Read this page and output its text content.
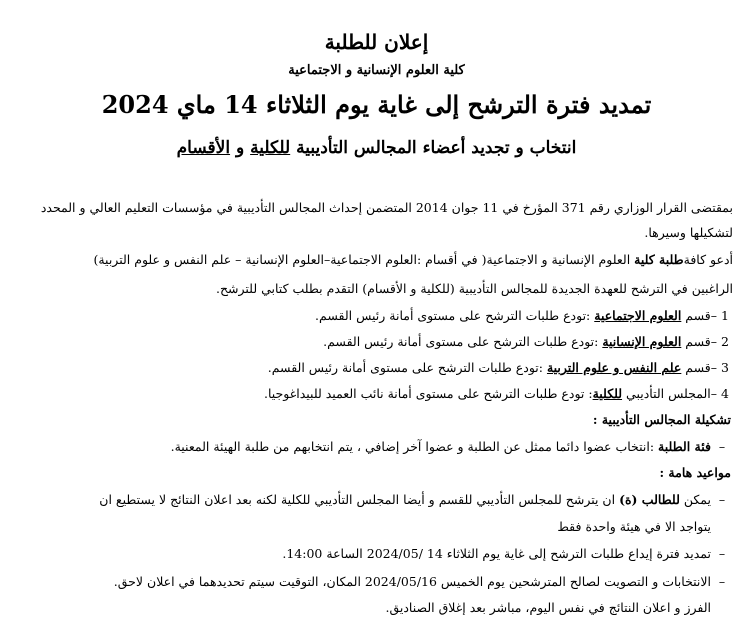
إعلان للطلبة
كلية العلوم الإنسانية و الاجتماعية
تمديد فترة الترشح إلى غاية يوم الثلاثاء 14 ماي 2024
انتخاب و تجديد أعضاء المجالس التأديبية للكلية و الأقسام
بمقتضى القرار الوزاري رقم 371 المؤرخ في 11 جوان 2014 المتضمن إحداث المجالس التأديبية في مؤسسات التعليم العالي و المحدد
لتشكيلها وسيرها.
أدعو كافةطلبة كلية العلوم الإنسانية و الاجتماعية( في أقسام :العلوم الاجتماعية–العلوم الإنسانية – علم النفس و علوم التربية)
الراغبين في الترشح للعهدة الجديدة للمجالس التأديبية (للكلية و الأقسام) التقدم بطلب كتابي للترشح.
1–قسم العلوم الاجتماعية :تودع طلبات الترشح على مستوى أمانة رئيس القسم.
2–قسم العلوم الإنسانية :تودع طلبات الترشح على مستوى أمانة رئيس القسم.
3–قسم علم النفس و علوم التربية :تودع طلبات الترشح على مستوى أمانة رئيس القسم.
4–المجلس التأديبي للكلية: تودع طلبات الترشح على مستوى أمانة نائب العميد للبيداغوجيا.
تشكيلة المجالس التأديبية :
–فئة الطلبة :انتخاب عضوا دائما ممثل عن الطلبة و عضوا آخر إضافي ، يتم انتخابهم من طلبة الهيئة المعنية.
مواعيد هامة :
–يمكن للطالب (ة) ان يترشح للمجلس التأديبي للقسم و أيضا المجلس التأديبي للكلية لكنه بعد اعلان النتائج لا يستطيع ان
يتواجد الا في هيئة واحدة فقط
–تمديد فترة إيداع طلبات الترشح إلى غاية يوم الثلاثاء 14 /2024/05 الساعة 14:00.
–الانتخابات و التصويت لصالح المترشحين يوم الخميس 2024/05/16 المكان، التوقيت سيتم تحديدهما في اعلان لاحق.
الفرز و اعلان النتائج في نفس اليوم، مباشر بعد إغلاق الصناديق.
